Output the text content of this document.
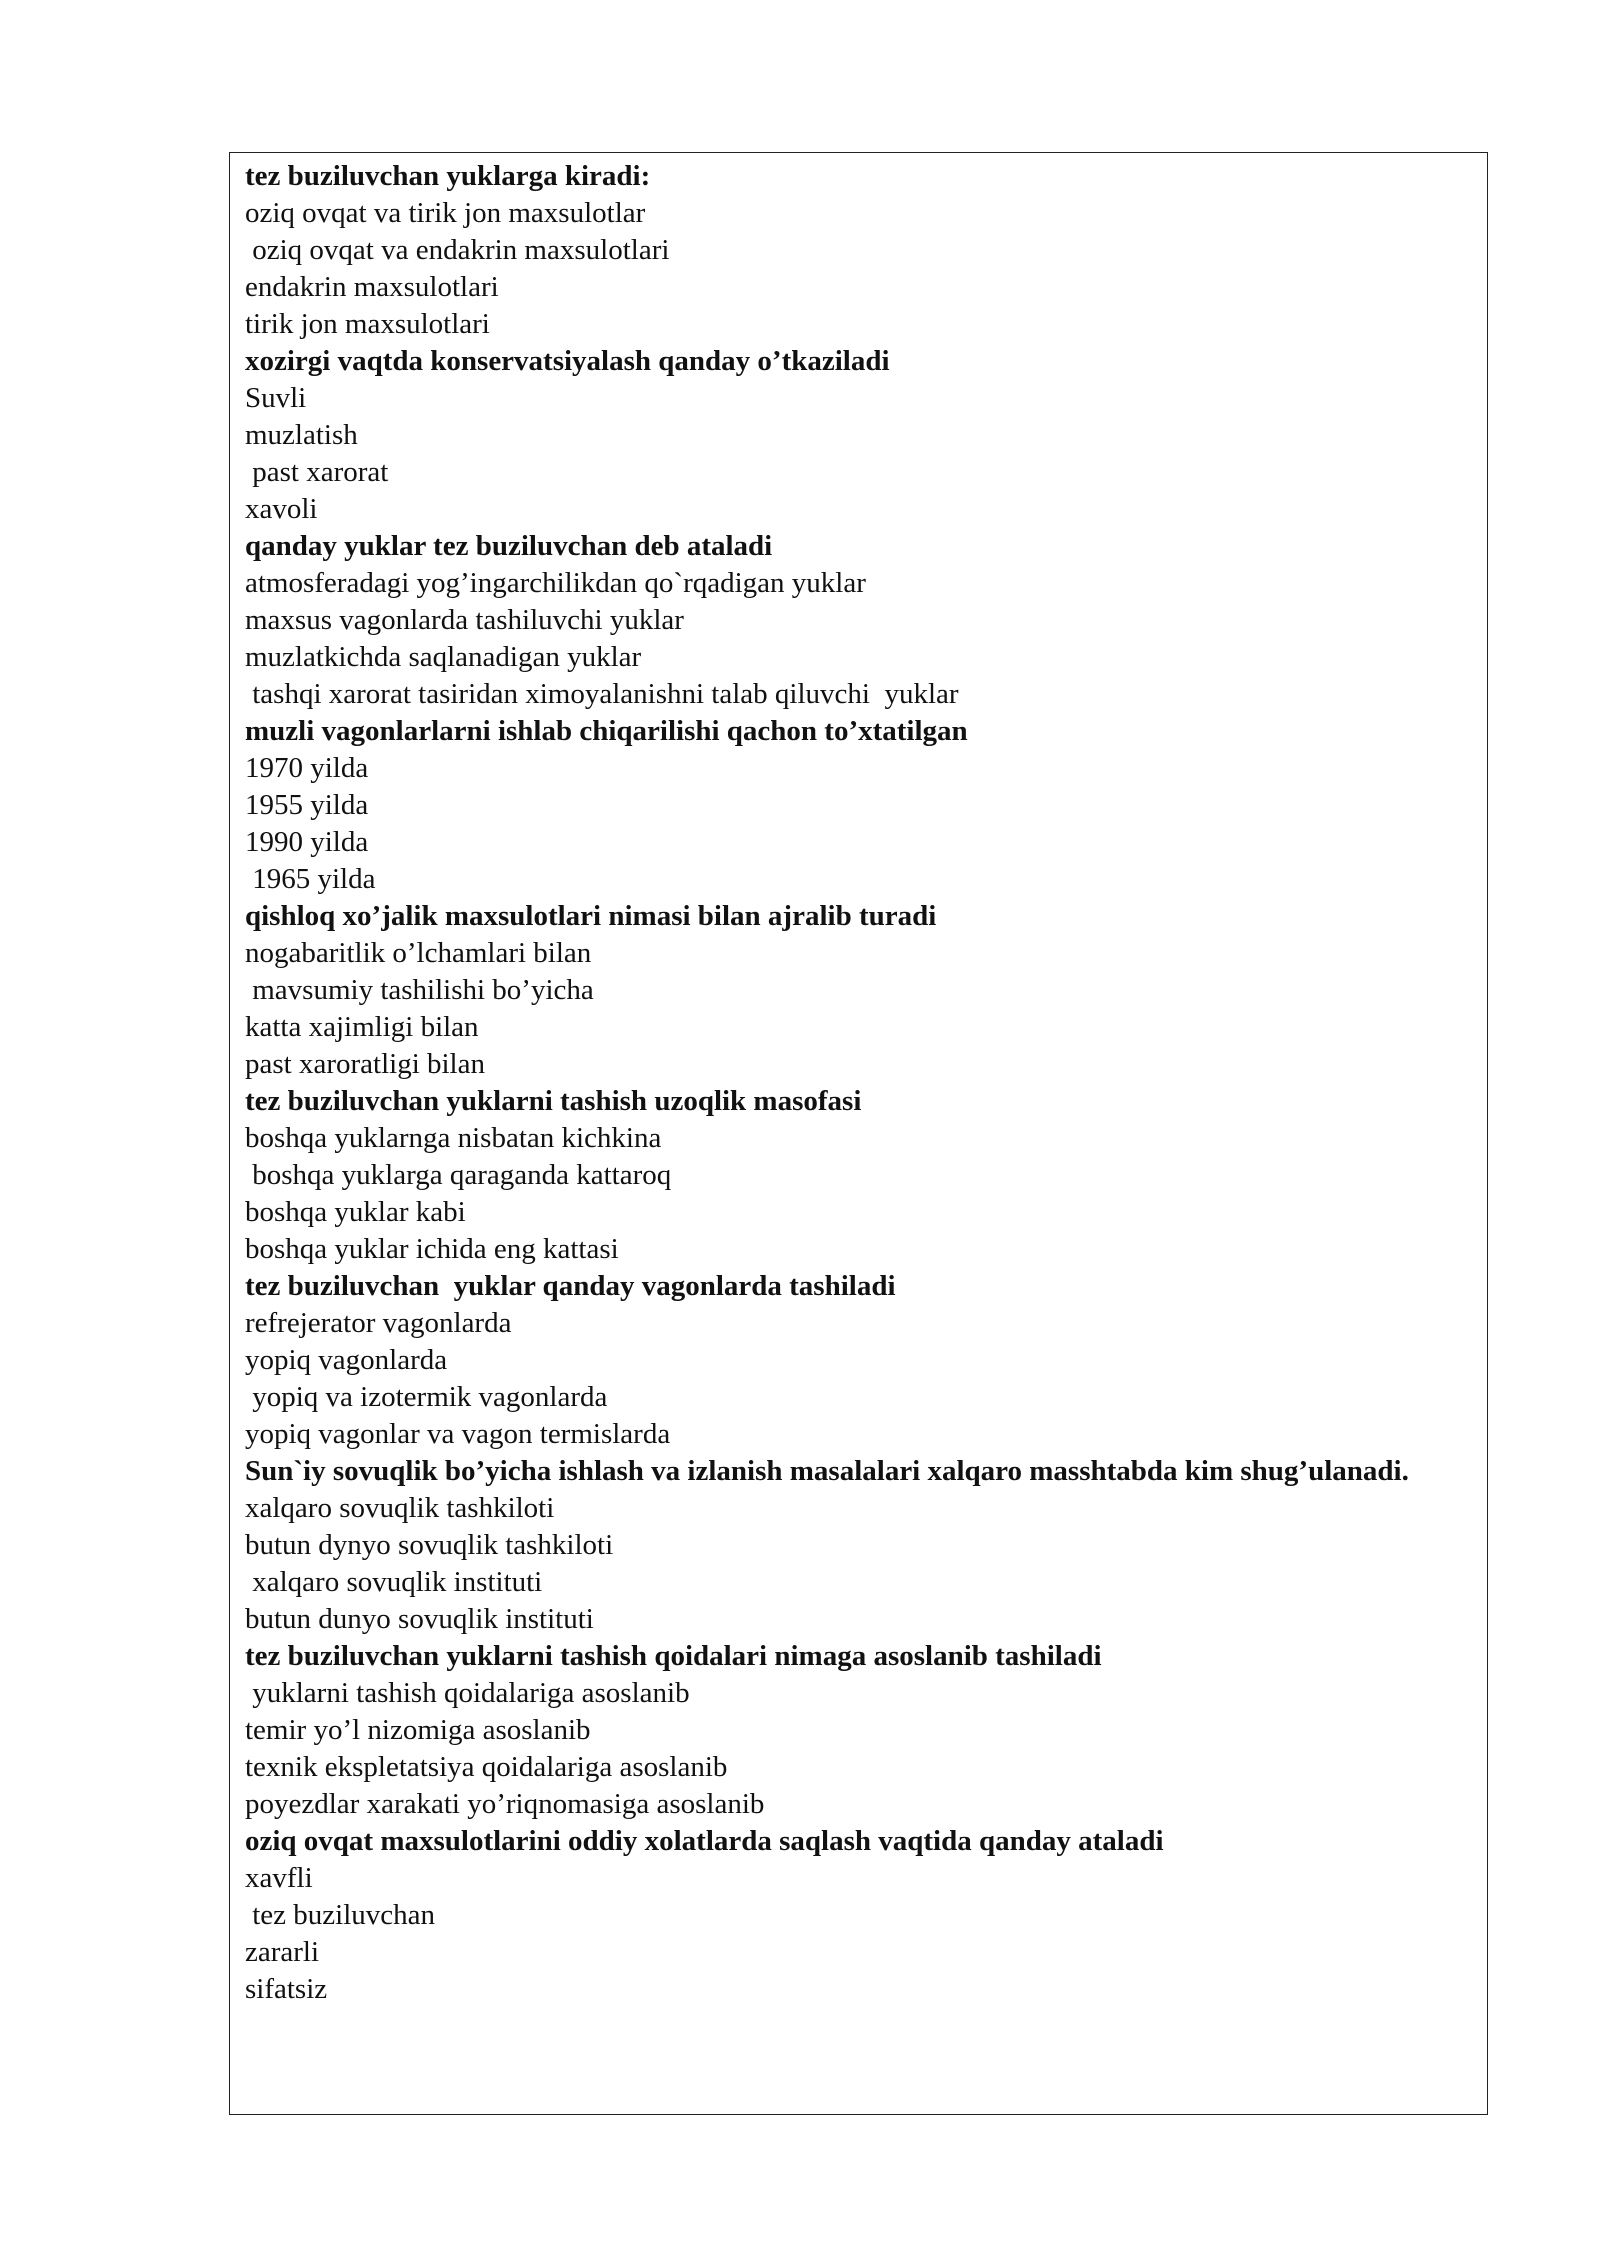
tez buziluvchan yuklarga kiradi:
oziq ovqat va tirik jon maxsulotlar
oziq ovqat va endakrin maxsulotlari
endakrin maxsulotlari
tirik jon maxsulotlari
xozirgi vaqtda konservatsiyalash qanday o’tkaziladi
Suvli
muzlatish
past xarorat
xavoli
qanday yuklar tez buziluvchan deb ataladi
atmosferadagi yog’ingarchilikdan qo`rqadigan yuklar
maxsus vagonlarda tashiluvchi yuklar
muzlatkichda saqlanadigan yuklar
tashqi xarorat tasiridan ximoyalanishni talab qiluvchi  yuklar
muzli vagonlarlarni ishlab chiqarilishi qachon to’xtatilgan
1970 yilda
1955 yilda
1990 yilda
1965 yilda
qishloq xo’jalik maxsulotlari nimasi bilan ajralib turadi
nogabaritlik o’lchamlari bilan
mavsumiy tashilishi bo’yicha
katta xajimligi bilan
past xaroratligi bilan
tez buziluvchan yuklarni tashish uzoqlik masofasi
boshqa yuklarnga nisbatan kichkina
boshqa yuklarga qaraganda kattaroq
boshqa yuklar kabi
boshqa yuklar ichida eng kattasi
tez buziluvchan  yuklar qanday vagonlarda tashiladi
refrejerator vagonlarda
yopiq vagonlarda
yopiq va izotermik vagonlarda
yopiq vagonlar va vagon termislarda
Sun`iy sovuqlik bo’yicha ishlash va izlanish masalalari xalqaro masshtabda kim shug’ulanadi.
xalqaro sovuqlik tashkiloti
butun dynyo sovuqlik tashkiloti
xalqaro sovuqlik instituti
butun dunyo sovuqlik instituti
tez buziluvchan yuklarni tashish qoidalari nimaga asoslanib tashiladi
yuklarni tashish qoidalariga asoslanib
temir yo’l nizomiga asoslanib
texnik ekspletatsiya qoidalariga asoslanib
poyezdlar xarakati yo’riqnomasiga asoslanib
oziq ovqat maxsulotlarini oddiy xolatlarda saqlash vaqtida qanday ataladi
xavfli
tez buziluvchan
zararli
sifatsiz
